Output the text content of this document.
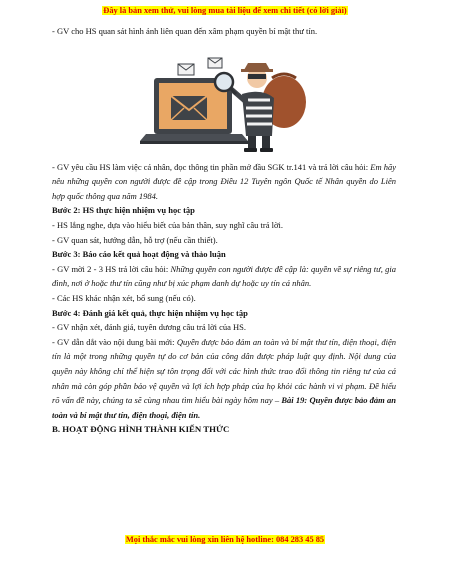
Đây là bản xem thử, vui lòng mua tài liệu để xem chi tiết (có lời giải)

- GV cho HS quan sát hình ảnh liên quan đến xâm phạm quyền bí mật thư tín.

- GV yêu cầu HS làm việc cá nhân, đọc thông tin phần mở đầu SGK tr.141 và trả lời câu hỏi: Em hãy nêu những quyền con người được đề cập trong Điều 12 Tuyên ngôn Quốc tế Nhân quyền do Liên hợp quốc thông qua năm 1984.

Bước 2: HS thực hiện nhiệm vụ học tập

- HS lắng nghe, dựa vào hiểu biết của bản thân, suy nghĩ câu trả lời.

- GV quan sát, hướng dẫn, hỗ trợ (nếu cần thiết).

Bước 3: Báo cáo kết quả hoạt động và thảo luận

- GV mời 2 - 3 HS trả lời câu hỏi: Những quyền con người được đề cập là: quyền về sự riêng tư, gia đình, nơi ở hoặc thư tín cũng như bị xúc phạm danh dự hoặc uy tín cá nhân.

- Các HS khác nhận xét, bổ sung (nếu có).

Bước 4: Đánh giá kết quả, thực hiện nhiệm vụ học tập

- GV nhận xét, đánh giá, tuyên dương câu trả lời của HS.

- GV dẫn dắt vào nội dung bài mới: Quyền được bảo đảm an toàn và bí mật thư tín, điện thoại, điện tín là một trong những quyền tự do cơ bản của công dân được pháp luật quy định. Nội dung của quyền này không chỉ thể hiện sự tôn trọng đối với các hình thức trao đổi thông tin riêng tư của cá nhân mà còn góp phần bảo vệ quyền và lợi ích hợp pháp của họ khỏi các hành vi vi phạm. Đề hiểu rõ vấn đề này, chúng ta sẽ cùng nhau tìm hiểu bài ngày hôm nay – Bài 19: Quyền được bảo đảm an toàn và bí mật thư tín, điện thoại, điện tín.

B. HOẠT ĐỘNG HÌNH THÀNH KIẾN THỨC

Mọi thắc mắc vui lòng xin liên hệ hotline: 084 283 45 85
